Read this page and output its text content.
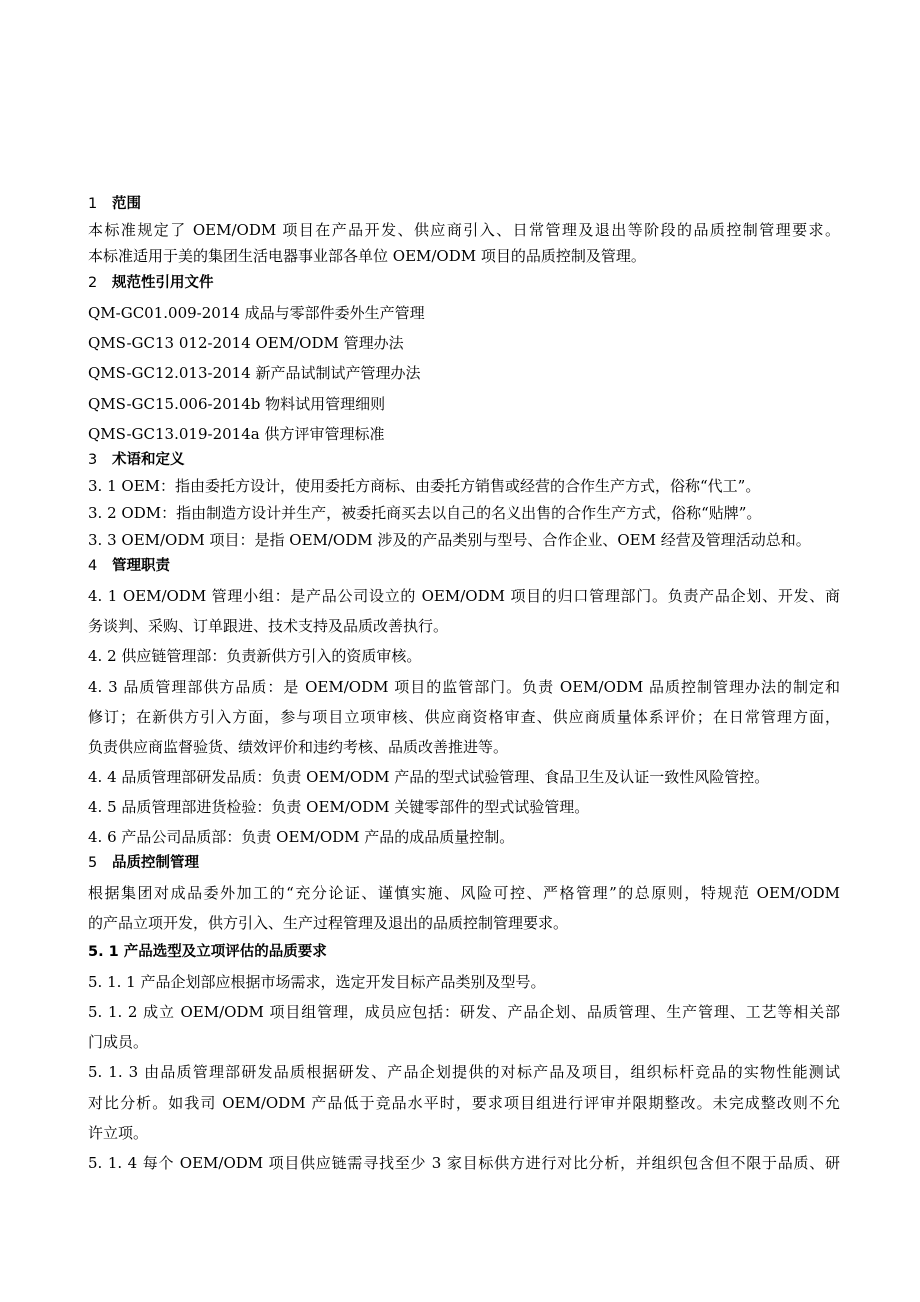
1 范围
本标准规定了 OEM/ODM 项目在产品开发、供应商引入、日常管理及退出等阶段的品质控制管理要求。
本标准适用于美的集团生活电器事业部各单位 OEM/ODM 项目的品质控制及管理。
2 规范性引用文件
QM-GC01.009-2014 成品与零部件委外生产管理
QMS-GC13 012-2014 OEM/ODM 管理办法
QMS-GC12.013-2014 新产品试制试产管理办法
QMS-GC15.006-2014b 物料试用管理细则
QMS-GC13.019-2014a 供方评审管理标准
3 术语和定义
3. 1 OEM：指由委托方设计，使用委托方商标、由委托方销售或经营的合作生产方式，俗称“代工”。
3. 2 ODM：指由制造方设计并生产，被委托商买去以自己的名义出售的合作生产方式，俗称“贴牌”。
3. 3 OEM/ODM 项目：是指 OEM/ODM 涉及的产品类别与型号、合作企业、OEM 经营及管理活动总和。
4 管理职责
4. 1 OEM/ODM 管理小组：是产品公司设立的 OEM/ODM 项目的归口管理部门。负责产品企划、开发、商
务谈判、采购、订单跟进、技术支持及品质改善执行。
4. 2 供应链管理部：负责新供方引入的资质审核。
4. 3 品质管理部供方品质：是 OEM/ODM 项目的监管部门。负责 OEM/ODM 品质控制管理办法的制定和
修订；在新供方引入方面，参与项目立项审核、供应商资格审查、供应商质量体系评价；在日常管理方面，
负责供应商监督验货、绩效评价和违约考核、品质改善推进等。
4. 4 品质管理部研发品质：负责 OEM/ODM 产品的型式试验管理、食品卫生及认证一致性风险管控。
4. 5 品质管理部进货检验：负责 OEM/ODM 关键零部件的型式试验管理。
4. 6 产品公司品质部：负责 OEM/ODM 产品的成品质量控制。
5 品质控制管理
根据集团对成品委外加工的“充分论证、谨慎实施、风险可控、严格管理”的总原则，特规范 OEM/ODM
的产品立项开发，供方引入、生产过程管理及退出的品质控制管理要求。
5. 1 产品选型及立项评估的品质要求
5. 1. 1 产品企划部应根据市场需求，选定开发目标产品类别及型号。
5. 1. 2 成立 OEM/ODM 项目组管理，成员应包括：研发、产品企划、品质管理、生产管理、工艺等相关部
门成员。
5. 1. 3 由品质管理部研发品质根据研发、产品企划提供的对标产品及项目，组织标杆竞品的实物性能测试
对比分析。如我司 OEM/ODM 产品低于竞品水平时，要求项目组进行评审并限期整改。未完成整改则不允
许立项。
5. 1. 4 每个 OEM/ODM 项目供应链需寻找至少 3 家目标供方进行对比分析，并组织包含但不限于品质、研
